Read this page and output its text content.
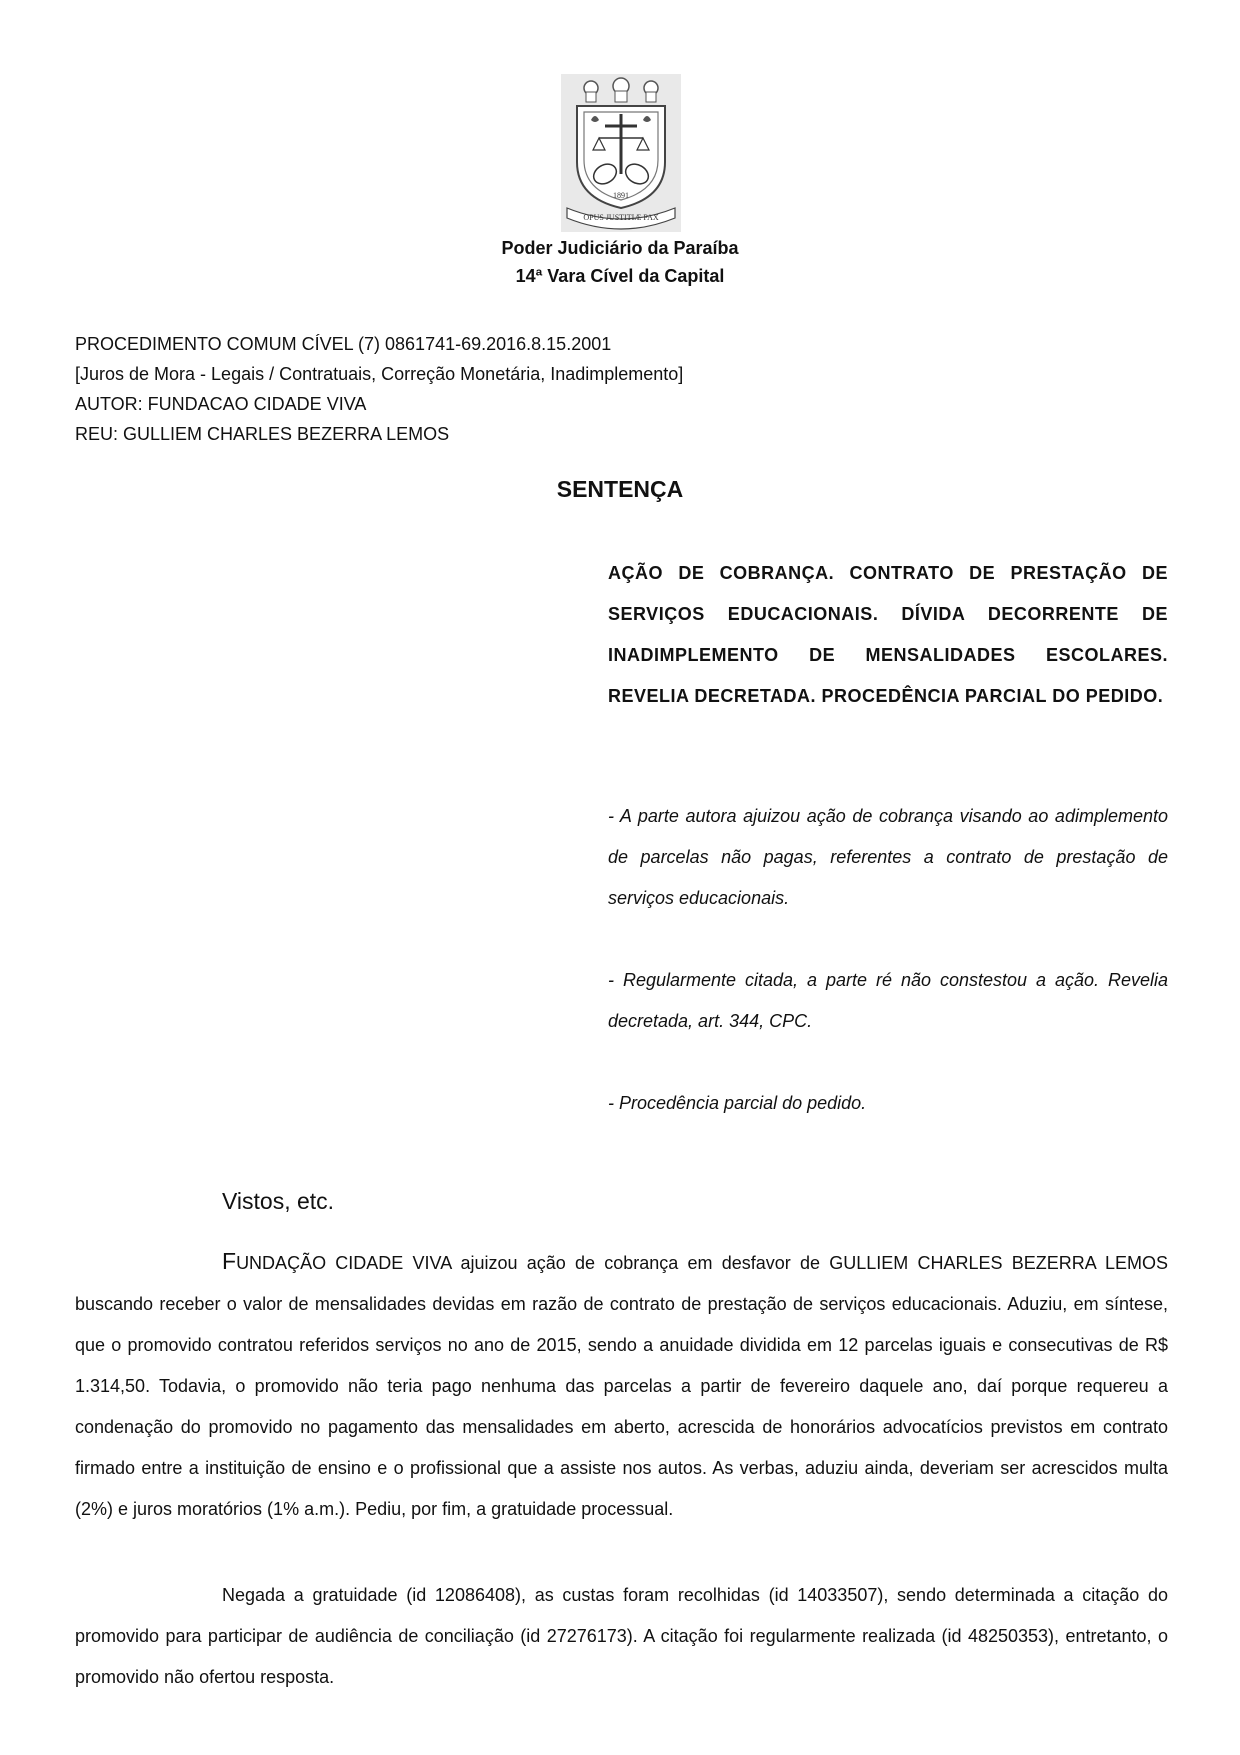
1891
OPUS JUSTITIÆ PAX
Poder Judiciário da Paraíba
14ª Vara Cível da Capital
PROCEDIMENTO COMUM CÍVEL (7) 0861741-69.2016.8.15.2001
[Juros de Mora - Legais / Contratuais, Correção Monetária, Inadimplemento]
AUTOR: FUNDACAO CIDADE VIVA
REU: GULLIEM CHARLES BEZERRA LEMOS
SENTENÇA
AÇÃO DE COBRANÇA. CONTRATO DE PRESTAÇÃO DE SERVIÇOS EDUCACIONAIS. DÍVIDA DECORRENTE DE INADIMPLEMENTO DE MENSALIDADES ESCOLARES. REVELIA DECRETADA. PROCEDÊNCIA PARCIAL DO PEDIDO.
- A parte autora ajuizou ação de cobrança visando ao adimplemento de parcelas não pagas, referentes a contrato de prestação de serviços educacionais.
- Regularmente citada, a parte ré não constestou a ação. Revelia decretada, art. 344, CPC.
- Procedência parcial do pedido.
Vistos, etc.
FUNDAÇÃO CIDADE VIVA ajuizou ação de cobrança em desfavor de GULLIEM CHARLES BEZERRA LEMOS buscando receber o valor de mensalidades devidas em razão de contrato de prestação de serviços educacionais. Aduziu, em síntese, que o promovido contratou referidos serviços no ano de 2015, sendo a anuidade dividida em 12 parcelas iguais e consecutivas de R$ 1.314,50. Todavia, o promovido não teria pago nenhuma das parcelas a partir de fevereiro daquele ano, daí porque requereu a condenação do promovido no pagamento das mensalidades em aberto, acrescida de honorários advocatícios previstos em contrato firmado entre a instituição de ensino e o profissional que a assiste nos autos. As verbas, aduziu ainda, deveriam ser acrescidos multa (2%) e juros moratórios (1% a.m.). Pediu, por fim, a gratuidade processual.
Negada a gratuidade (id 12086408), as custas foram recolhidas (id 14033507), sendo determinada a citação do promovido para participar de audiência de conciliação (id 27276173). A citação foi regularmente realizada (id 48250353), entretanto, o promovido não ofertou resposta.
